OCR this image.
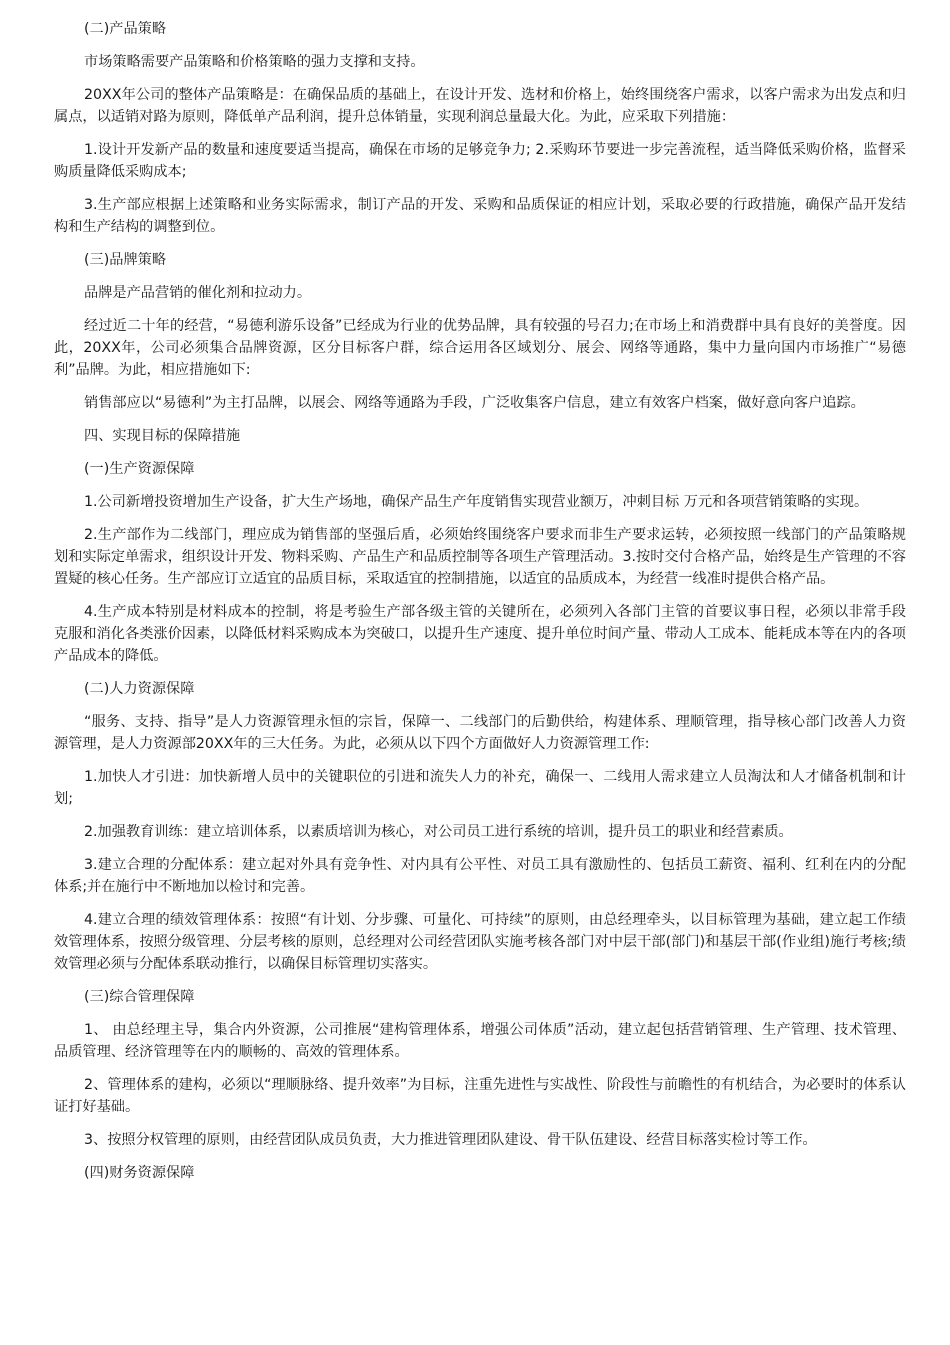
(二)产品策略

市场策略需要产品策略和价格策略的强力支撑和支持。

20XX年公司的整体产品策略是：在确保品质的基础上，在设计开发、选材和价格上，始终围绕客户需求，以客户需求为出发点和归属点，以适销对路为原则，降低单产品利润，提升总体销量，实现利润总量最大化。为此，应采取下列措施：

1.设计开发新产品的数量和速度要适当提高，确保在市场的足够竞争力; 2.采购环节要进一步完善流程，适当降低采购价格，监督采购质量降低采购成本;

3.生产部应根据上述策略和业务实际需求，制订产品的开发、采购和品质保证的相应计划，采取必要的行政措施，确保产品开发结构和生产结构的调整到位。

(三)品牌策略

品牌是产品营销的催化剂和拉动力。

经过近二十年的经营，“易德利游乐设备”已经成为行业的优势品牌，具有较强的号召力;在市场上和消费群中具有良好的美誉度。因此，20XX年，公司必须集合品牌资源，区分目标客户群，综合运用各区域划分、展会、网络等通路，集中力量向国内市场推广“易德利”品牌。为此，相应措施如下:

销售部应以“易德利”为主打品牌，以展会、网络等通路为手段，广泛收集客户信息，建立有效客户档案，做好意向客户追踪。

四、实现目标的保障措施

(一)生产资源保障

1.公司新增投资增加生产设备，扩大生产场地，确保产品生产年度销售实现营业额万，冲刺目标 万元和各项营销策略的实现。

2.生产部作为二线部门，理应成为销售部的坚强后盾，必须始终围绕客户要求而非生产要求运转，必须按照一线部门的产品策略规划和实际定单需求，组织设计开发、物料采购、产品生产和品质控制等各项生产管理活动。3.按时交付合格产品，始终是生产管理的不容置疑的核心任务。生产部应订立适宜的品质目标，采取适宜的控制措施，以适宜的品质成本，为经营一线准时提供合格产品。

4.生产成本特别是材料成本的控制，将是考验生产部各级主管的关键所在，必须列入各部门主管的首要议事日程，必须以非常手段克服和消化各类涨价因素，以降低材料采购成本为突破口，以提升生产速度、提升单位时间产量、带动人工成本、能耗成本等在内的各项产品成本的降低。

(二)人力资源保障

“服务、支持、指导”是人力资源管理永恒的宗旨，保障一、二线部门的后勤供给，构建体系、理顺管理，指导核心部门改善人力资源管理，是人力资源部20XX年的三大任务。为此，必须从以下四个方面做好人力资源管理工作:

1.加快人才引进：加快新增人员中的关键职位的引进和流失人力的补充，确保一、二线用人需求建立人员淘汰和人才储备机制和计划;

2.加强教育训练：建立培训体系，以素质培训为核心，对公司员工进行系统的培训，提升员工的职业和经营素质。

3.建立合理的分配体系：建立起对外具有竞争性、对内具有公平性、对员工具有激励性的、包括员工薪资、福利、红利在内的分配体系;并在施行中不断地加以检讨和完善。

4.建立合理的绩效管理体系：按照“有计划、分步骤、可量化、可持续”的原则，由总经理牵头，以目标管理为基础，建立起工作绩效管理体系，按照分级管理、分层考核的原则，总经理对公司经营团队实施考核各部门对中层干部(部门)和基层干部(作业组)施行考核;绩效管理必须与分配体系联动推行，以确保目标管理切实落实。

(三)综合管理保障

1、 由总经理主导，集合内外资源，公司推展“建构管理体系，增强公司体质”活动，建立起包括营销管理、生产管理、技术管理、品质管理、经济管理等在内的顺畅的、高效的管理体系。

2、管理体系的建构，必须以“理顺脉络、提升效率”为目标，注重先进性与实战性、阶段性与前瞻性的有机结合，为必要时的体系认证打好基础。

3、按照分权管理的原则，由经营团队成员负责，大力推进管理团队建设、骨干队伍建设、经营目标落实检讨等工作。

(四)财务资源保障
